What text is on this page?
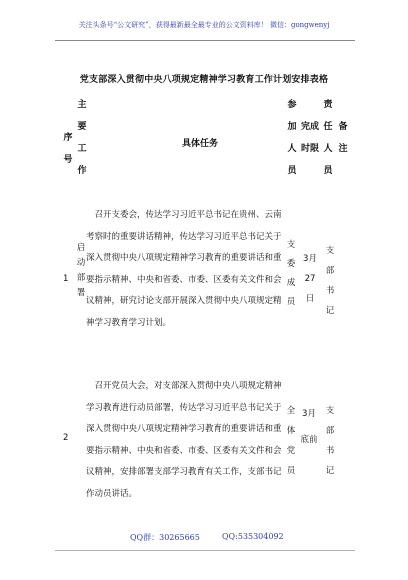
关注头条号“公文研究”，获得最新最全最专业的公文资料库！ 微信：gongwenyj
党支部深入贯彻中央八项规定精神学习教育工作计划安排表格
序
号
主
要
工
作
具体任务
参
加
人
员
完成
时限
责
任
人
员
备
注
1
启
动
部
署
召开支委会，传达学习习近平总书记在贵州、云南考察时的重要讲话精神，传达学习习近平总书记关于深入贯彻中央八项规定精神学习教育的重要讲话和重要指示精神、中央和省委、市委、区委有关文件和会议精神，研究讨论支部开展深入贯彻中央八项规定精神学习教育学习计划。
支
委
成
员
3月
27
日
支
部
书
记
2
召开党员大会，对支部深入贯彻中央八项规定精神学习教育进行动员部署，传达学习习近平总书记关于深入贯彻中央八项规定精神学习教育的重要讲话和重要指示精神、中央和省委、市委、区委有关文件和会议精神，安排部署支部学习教育有关工作，支部书记作动员讲话。
全
体
党
员
3月
底前
支
部
书
记
QQ群：30265665	QQ:535304092
